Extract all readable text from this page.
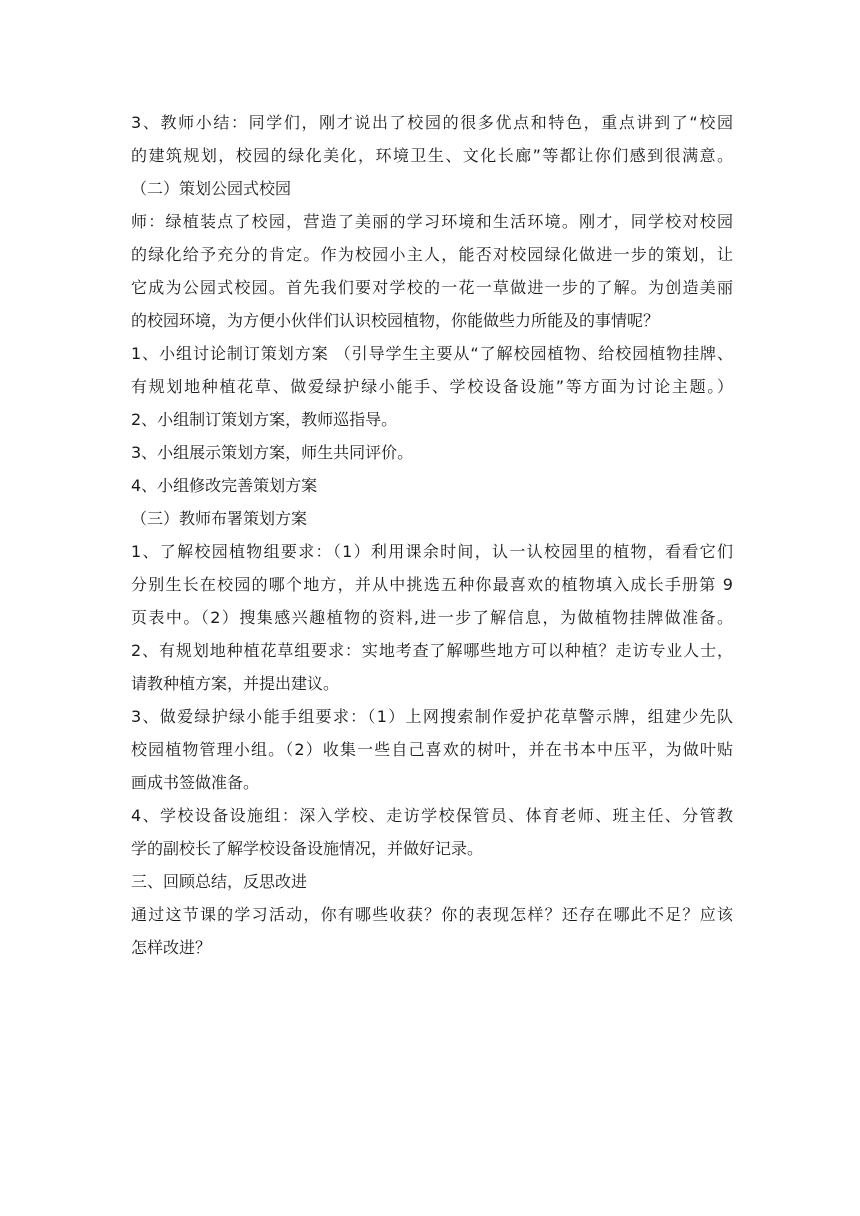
3、教师小结：同学们，刚才说出了校园的很多优点和特色，重点讲到了“校园
的建筑规划，校园的绿化美化，环境卫生、文化长廊”等都让你们感到很满意。
（二）策划公园式校园
师：绿植装点了校园，营造了美丽的学习环境和生活环境。刚才，同学校对校园
的绿化给予充分的肯定。作为校园小主人，能否对校园绿化做进一步的策划，让
它成为公园式校园。首先我们要对学校的一花一草做进一步的了解。为创造美丽
的校园环境，为方便小伙伴们认识校园植物，你能做些力所能及的事情呢？
1、小组讨论制订策划方案 （引导学生主要从“了解校园植物、给校园植物挂牌、
有规划地种植花草、做爱绿护绿小能手、学校设备设施”等方面为讨论主题。）
2、小组制订策划方案，教师巡指导。
3、小组展示策划方案，师生共同评价。
4、小组修改完善策划方案
（三）教师布署策划方案
1、了解校园植物组要求：（1）利用课余时间，认一认校园里的植物，看看它们
分别生长在校园的哪个地方，并从中挑选五种你最喜欢的植物填入成长手册第 9
页表中。（2）搜集感兴趣植物的资料,进一步了解信息，为做植物挂牌做准备。
2、有规划地种植花草组要求：实地考查了解哪些地方可以种植？走访专业人士，
请教种植方案，并提出建议。
3、做爱绿护绿小能手组要求：（1）上网搜索制作爱护花草警示牌，组建少先队
校园植物管理小组。（2）收集一些自己喜欢的树叶，并在书本中压平，为做叶贴
画成书签做准备。
4、学校设备设施组：深入学校、走访学校保管员、体育老师、班主任、分管教
学的副校长了解学校设备设施情况，并做好记录。
三、回顾总结，反思改进
通过这节课的学习活动，你有哪些收获？你的表现怎样？还存在哪此不足？应该
怎样改进？
